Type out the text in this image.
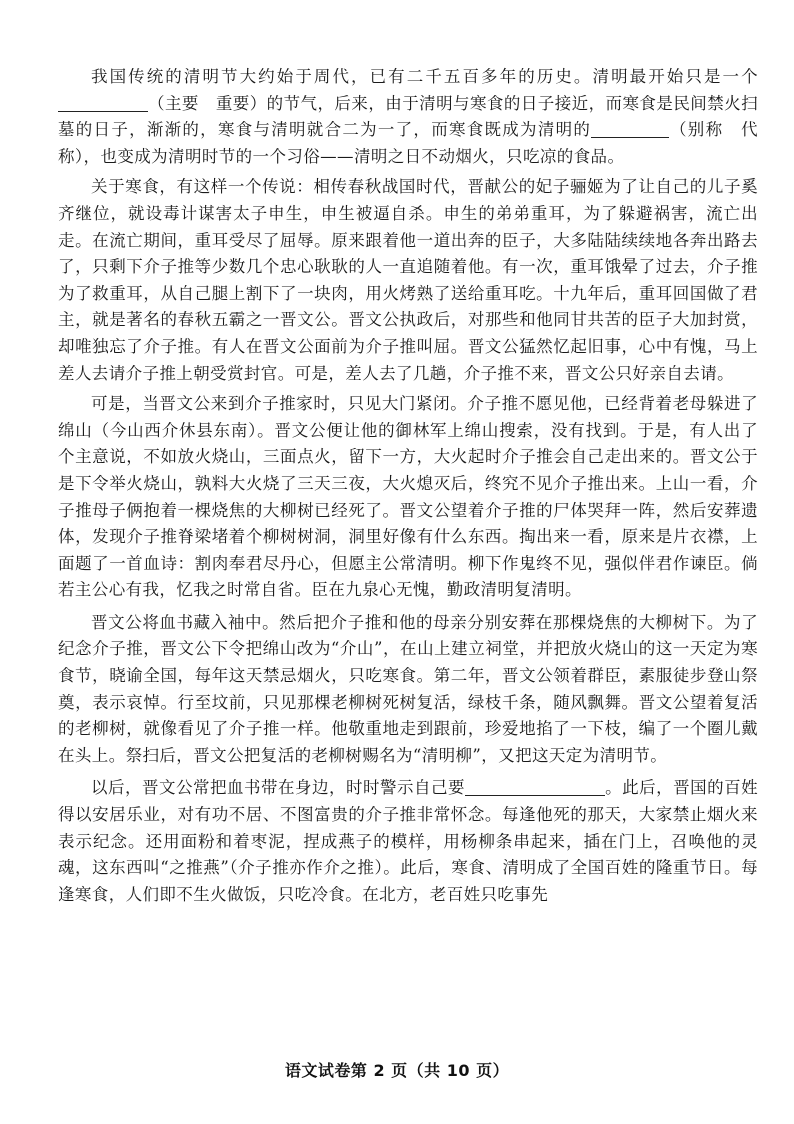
我国传统的清明节大约始于周代，已有二千五百多年的历史。清明最开始只是一个（主要　重要）的节气，后来，由于清明与寒食的日子接近，而寒食是民间禁火扫墓的日子，渐渐的，寒食与清明就合二为一了，而寒食既成为清明的	（别称　代称），也变成为清明时节的一个习俗——清明之日不动烟火，只吃凉的食品。

关于寒食，有这样一个传说：相传春秋战国时代，晋献公的妃子骊姬为了让自己的儿子奚齐继位，就设毒计谋害太子申生，申生被逼自杀。申生的弟弟重耳，为了躲避祸害，流亡出走。在流亡期间，重耳受尽了屈辱。原来跟着他一道出奔的臣子，大多陆陆续续地各奔出路去了，只剩下介子推等少数几个忠心耿耿的人一直追随着他。有一次，重耳饿晕了过去，介子推为了救重耳，从自己腿上割下了一块肉，用火烤熟了送给重耳吃。十九年后，重耳回国做了君主，就是著名的春秋五霸之一晋文公。晋文公执政后，对那些和他同甘共苦的臣子大加封赏，却唯独忘了介子推。有人在晋文公面前为介子推叫屈。晋文公猛然忆起旧事，心中有愧，马上差人去请介子推上朝受赏封官。可是，差人去了几趟，介子推不来，晋文公只好亲自去请。

可是，当晋文公来到介子推家时，只见大门紧闭。介子推不愿见他，已经背着老母躲进了绵山（今山西介休县东南）。晋文公便让他的御林军上绵山搜索，没有找到。于是，有人出了个主意说，不如放火烧山，三面点火，留下一方，大火起时介子推会自己走出来的。晋文公于是下令举火烧山，孰料大火烧了三天三夜，大火熄灭后，终究不见介子推出来。上山一看，介子推母子俩抱着一棵烧焦的大柳树已经死了。晋文公望着介子推的尸体哭拜一阵，然后安葬遗体，发现介子推脊梁堵着个柳树树洞，洞里好像有什么东西。掏出来一看，原来是片衣襟，上面题了一首血诗：割肉奉君尽丹心，但愿主公常清明。柳下作鬼终不见，强似伴君作谏臣。倘若主公心有我，忆我之时常自省。臣在九泉心无愧，勤政清明复清明。

晋文公将血书藏入袖中。然后把介子推和他的母亲分别安葬在那棵烧焦的大柳树下。为了纪念介子推，晋文公下令把绵山改为“介山”，在山上建立祠堂，并把放火烧山的这一天定为寒食节，晓谕全国，每年这天禁忌烟火，只吃寒食。第二年，晋文公领着群臣，素服徒步登山祭奠，表示哀悼。行至坟前，只见那棵老柳树死树复活，绿枝千条，随风飘舞。晋文公望着复活的老柳树，就像看见了介子推一样。他敬重地走到跟前，珍爱地掐了一下枝，编了一个圈儿戴在头上。祭扫后，晋文公把复活的老柳树赐名为“清明柳”，又把这天定为清明节。

以后，晋文公常把血书带在身边，时时警示自己要	。此后，晋国的百姓得以安居乐业，对有功不居、不图富贵的介子推非常怀念。每逢他死的那天，大家禁止烟火来表示纪念。还用面粉和着枣泥，捏成燕子的模样，用杨柳条串起来，插在门上，召唤他的灵魂，这东西叫“之推燕”（介子推亦作介之推）。此后，寒食、清明成了全国百姓的隆重节日。每逢寒食，人们即不生火做饭，只吃冷食。在北方，老百姓只吃事先

语文试卷第 2 页（共 10 页）
